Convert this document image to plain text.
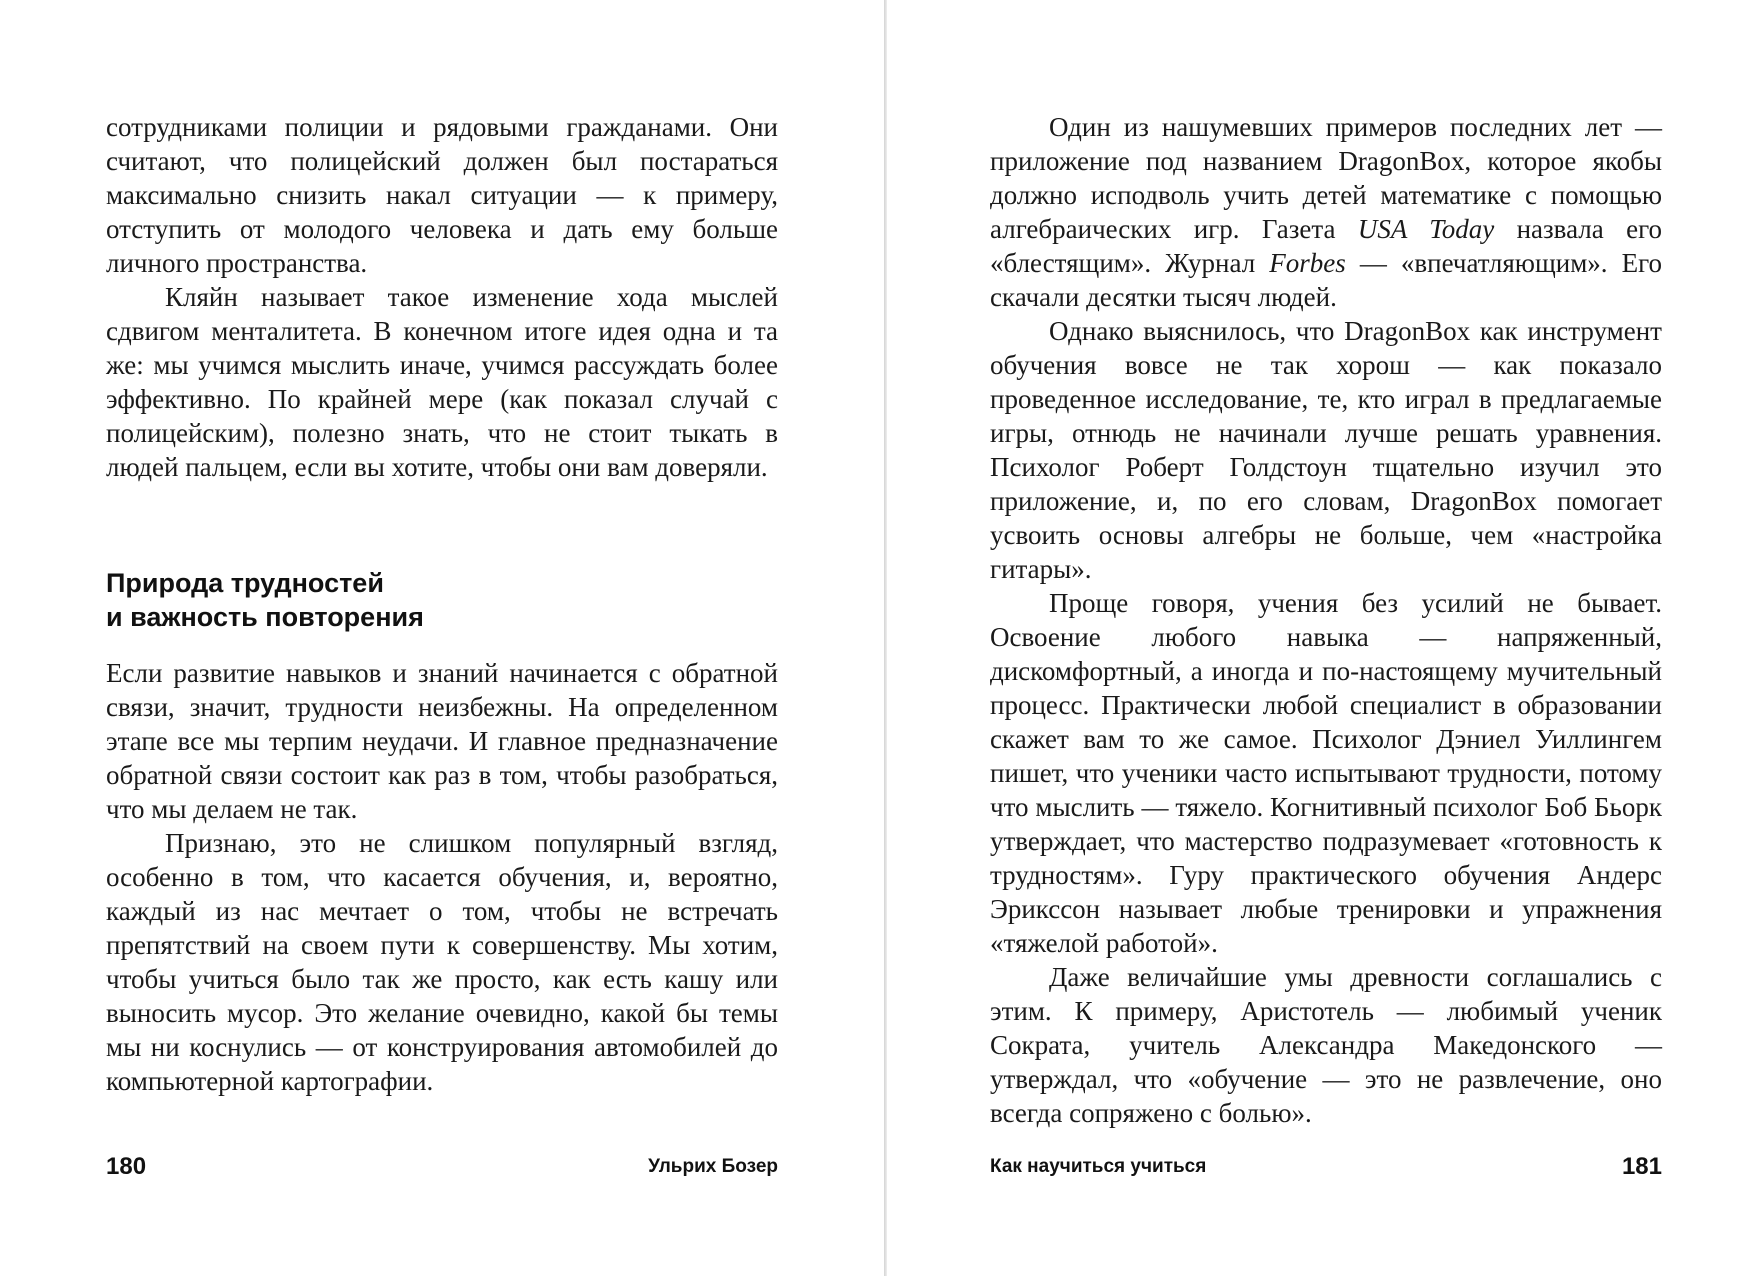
сотрудниками полиции и рядовыми гражданами. Они считают, что полицейский должен был постараться максимально снизить накал ситуации — к примеру, отступить от молодого человека и дать ему больше личного пространства.

Кляйн называет такое изменение хода мыслей сдвигом менталитета. В конечном итоге идея одна и та же: мы учимся мыслить иначе, учимся рассуждать более эффективно. По крайней мере (как показал случай с полицейским), полезно знать, что не стоит тыкать в людей пальцем, если вы хотите, чтобы они вам доверяли.

Природа трудностей
и важность повторения

Если развитие навыков и знаний начинается с обратной связи, значит, трудности неизбежны. На определенном этапе все мы терпим неудачи. И главное предназначение обратной связи состоит как раз в том, чтобы разобраться, что мы делаем не так.

Признаю, это не слишком популярный взгляд, особенно в том, что касается обучения, и, вероятно, каждый из нас мечтает о том, чтобы не встречать препятствий на своем пути к совершенству. Мы хотим, чтобы учиться было так же просто, как есть кашу или выносить мусор. Это желание очевидно, какой бы темы мы ни коснулись — от конструирования автомобилей до компьютерной картографии.

180	Ульрих Бозер

Один из нашумевших примеров последних лет — приложение под названием DragonBox, которое якобы должно исподволь учить детей математике с помощью алгебраических игр. Газета USA Today назвала его «блестящим». Журнал Forbes — «впечатляющим». Его скачали десятки тысяч людей.

Однако выяснилось, что DragonBox как инструмент обучения вовсе не так хорош — как показало проведенное исследование, те, кто играл в предлагаемые игры, отнюдь не начинали лучше решать уравнения. Психолог Роберт Голдстоун тщательно изучил это приложение, и, по его словам, DragonBox помогает усвоить основы алгебры не больше, чем «настройка гитары».

Проще говоря, учения без усилий не бывает. Освоение любого навыка — напряженный, дискомфортный, а иногда и по-настоящему мучительный процесс. Практически любой специалист в образовании скажет вам то же самое. Психолог Дэниел Уиллингем пишет, что ученики часто испытывают трудности, потому что мыслить — тяжело. Когнитивный психолог Боб Бьорк утверждает, что мастерство подразумевает «готовность к трудностям». Гуру практического обучения Андерс Эрикссон называет любые тренировки и упражнения «тяжелой работой».

Даже величайшие умы древности соглашались с этим. К примеру, Аристотель — любимый ученик Сократа, учитель Александра Македонского — утверждал, что «обучение — это не развлечение, оно всегда сопряжено с болью».

Как научиться учиться	181
